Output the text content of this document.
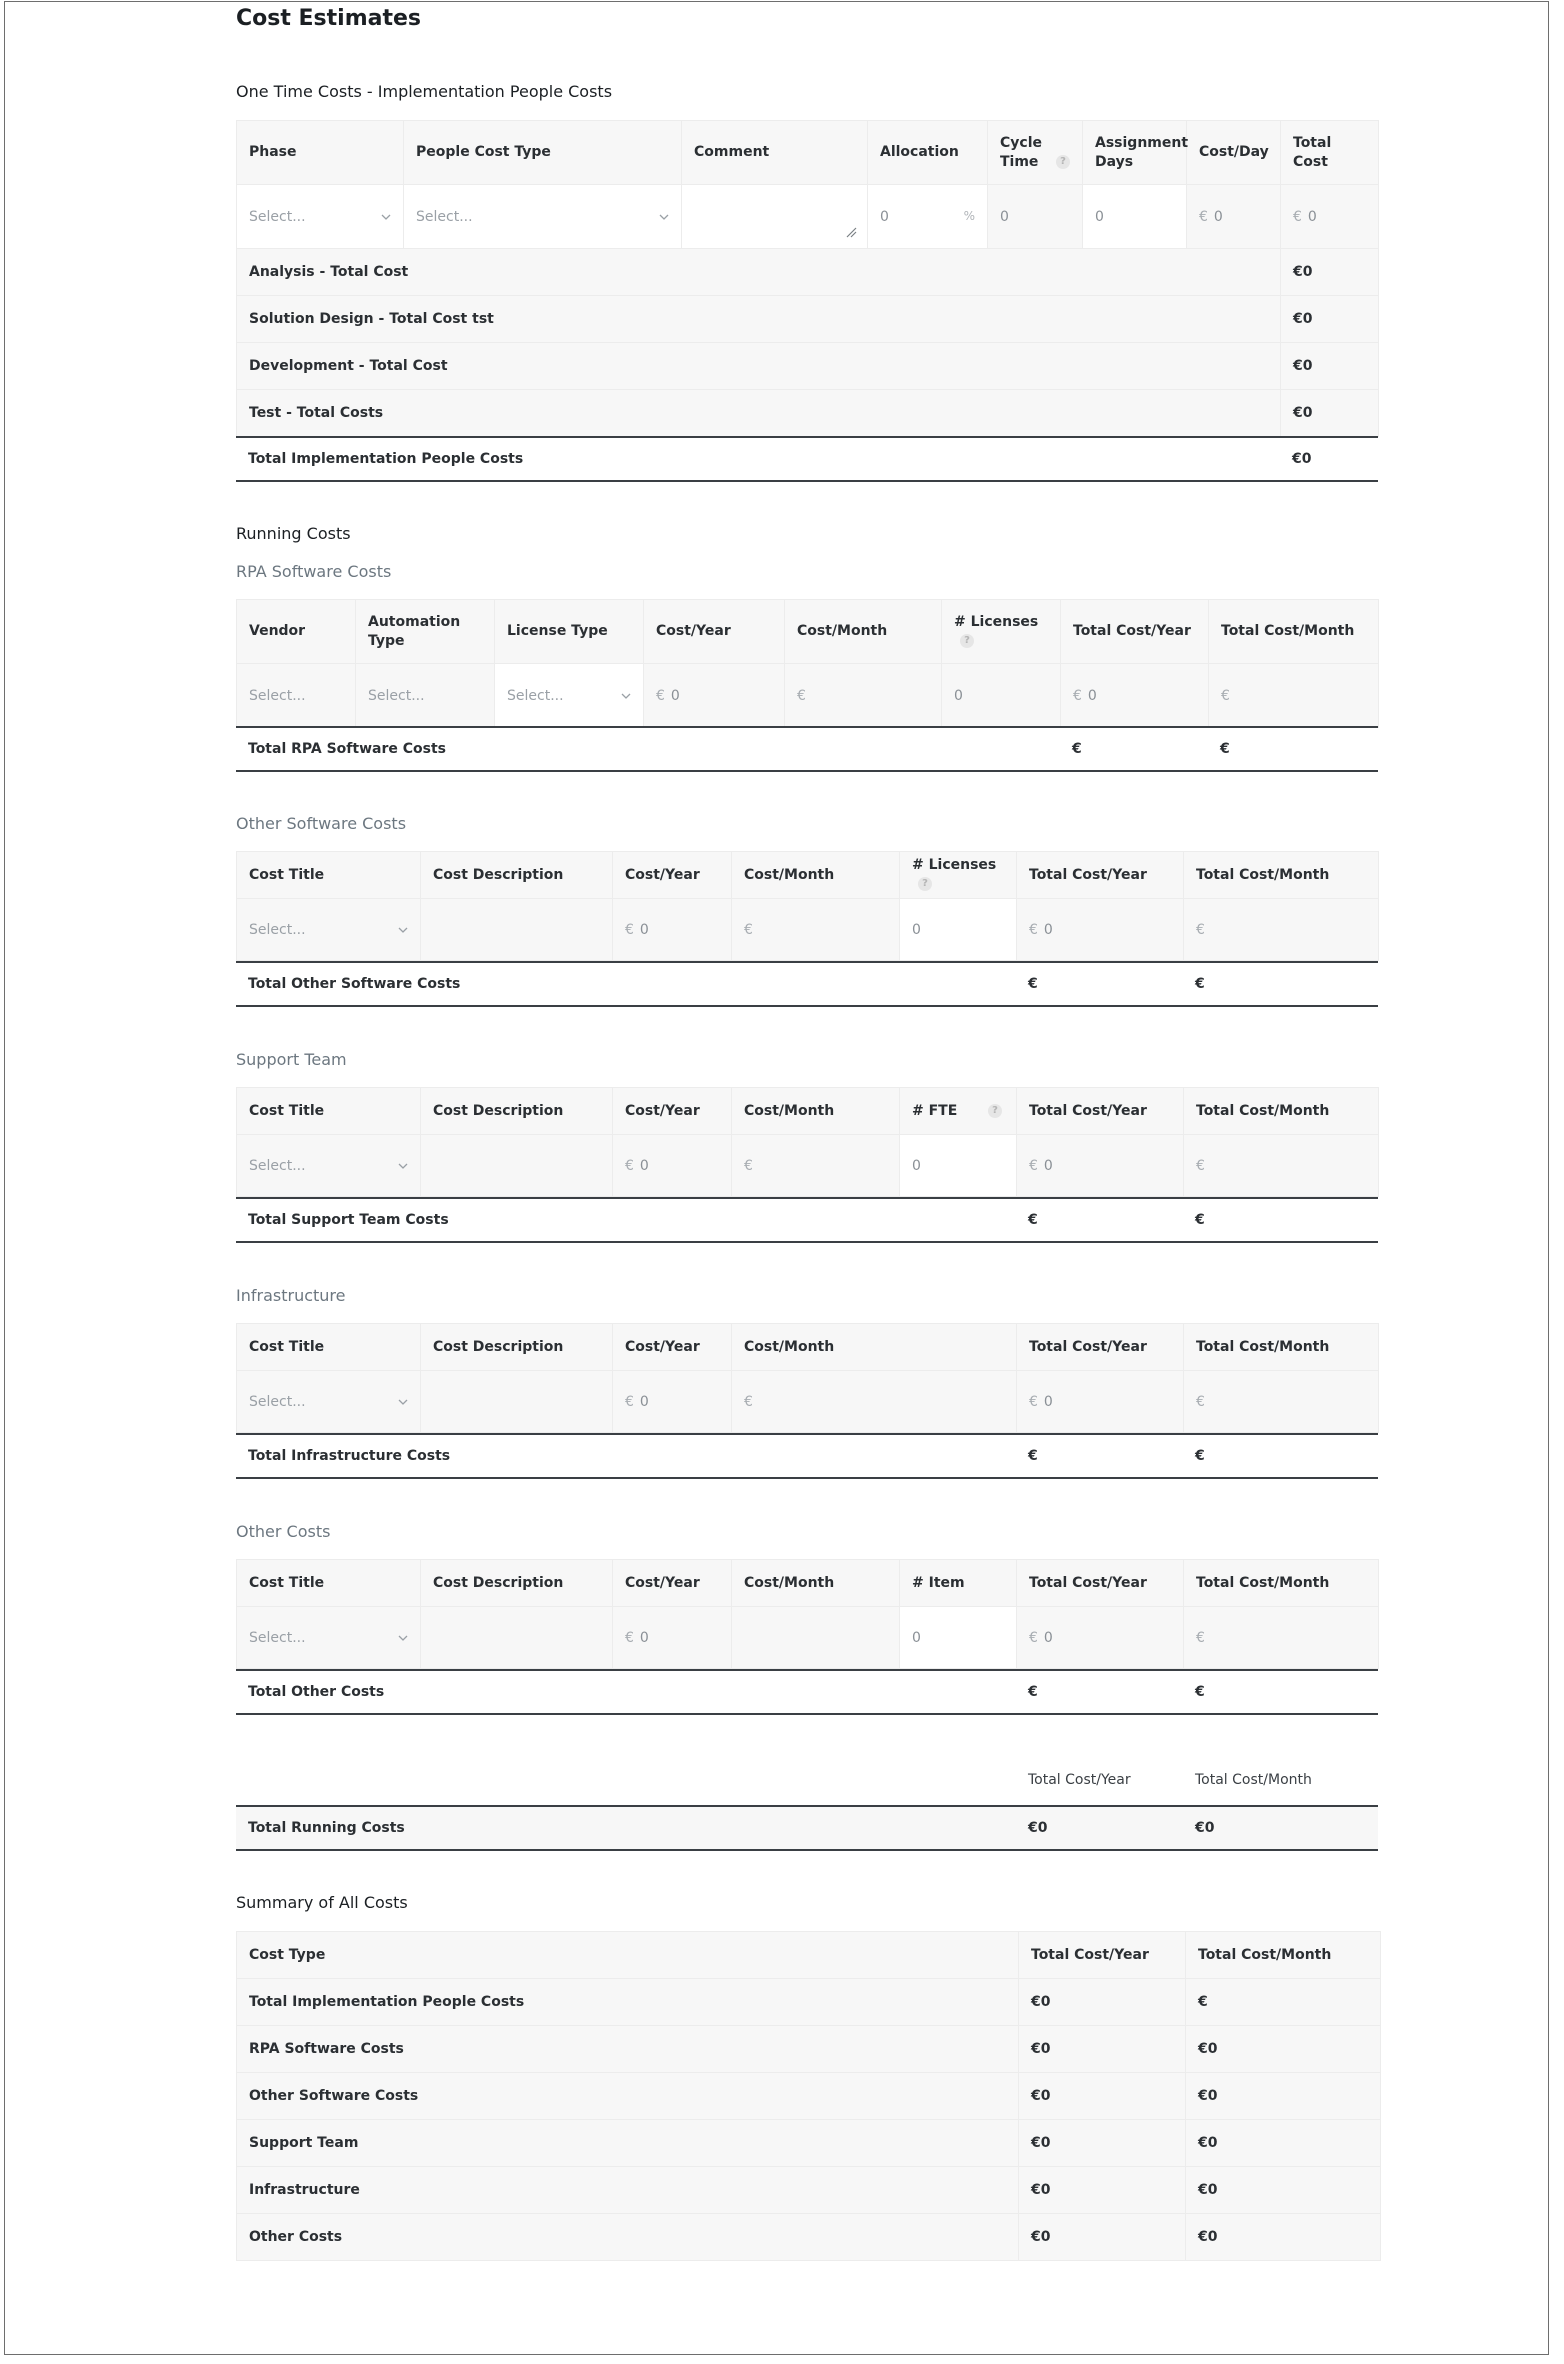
Cost Estimates

One Time Costs - Implementation People Costs

Phase	People Cost Type	Comment	Allocation	Cycle Time ?	Assignment Days	Cost/Day	Total Cost

Select...	Select...		0 %	0	0	€ 0	€ 0
Analysis - Total Cost	€0
Solution Design - Total Cost tst	€0
Development - Total Cost	€0
Test - Total Costs	€0
Total Implementation People Costs	€0

Running Costs

RPA Software Costs

Vendor	Automation Type	License Type	Cost/Year	Cost/Month	# Licenses?	Total Cost/Year	Total Cost/Month
Select...	Select...	Select...	€ 0	€	0	€ 0	€
Total RPA Software Costs	€	€

Other Software Costs

Cost Title	Cost Description	Cost/Year	Cost/Month	# Licenses?	Total Cost/Year	Total Cost/Month

Select...		€ 0	€	0	€ 0	€
Total Other Software Costs	€	€

Support Team

Cost Title	Cost Description	Cost/Year	Cost/Month	# FTE ?	Total Cost/Year	Total Cost/Month

Select...		€ 0	€	0	€ 0	€
Total Support Team Costs	€	€

Infrastructure

Cost Title	Cost Description	Cost/Year	Cost/Month	Total Cost/Year	Total Cost/Month

Select...		€ 0	€	€ 0	€
Total Infrastructure Costs	€	€

Other Costs

Cost Title	Cost Description	Cost/Year	Cost/Month	# Item	Total Cost/Year	Total Cost/Month

Select...		€ 0		0	€ 0	€
Total Other Costs	€	€
Total Cost/Year	Total Cost/Month
Total Running Costs	€0	€0

Summary of All Costs

Cost Type	Total Cost/Year	Total Cost/Month
Total Implementation People Costs	€0	€
RPA Software Costs	€0	€0
Other Software Costs	€0	€0
Support Team	€0	€0
Infrastructure	€0	€0
Other Costs	€0	€0
